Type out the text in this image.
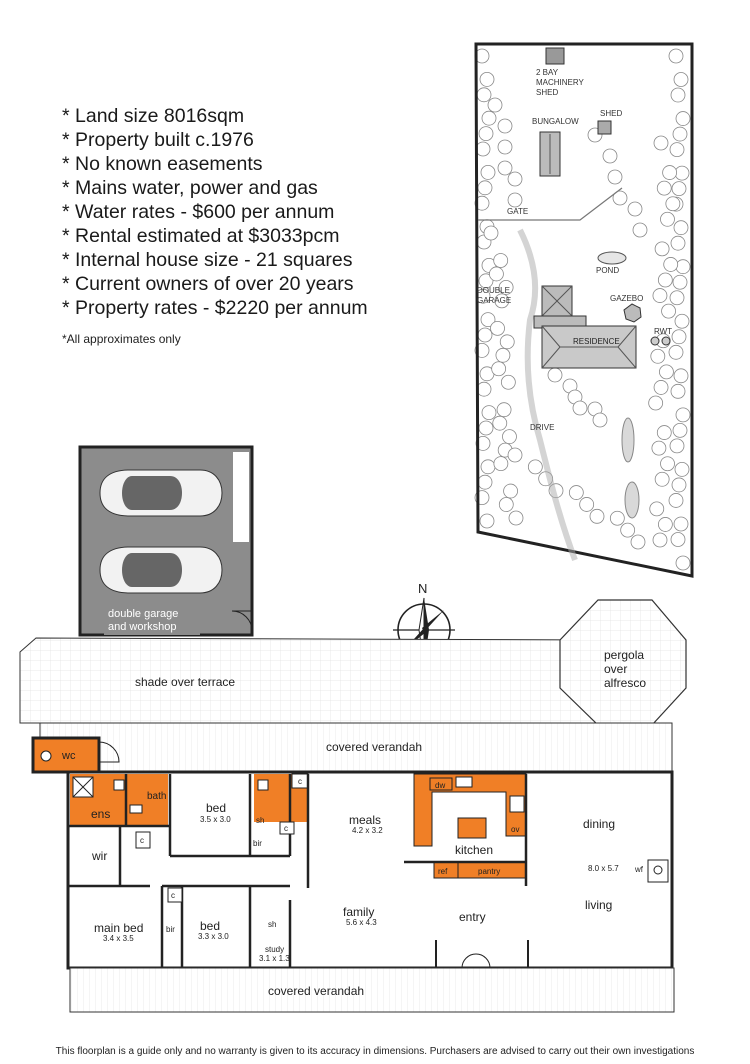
* Land size 8016sqm
* Property built c.1976
* No known easements
* Mains water, power and gas
* Water rates - $600 per annum
* Rental estimated at $3033pcm
* Internal house size - 21 squares
* Current owners of over 20 years
* Property rates - $2220 per annum
*All approximates only
2 BAY
MACHINERY
SHED
SHED
BUNGALOW
GATE
DRIVE
POND
DOUBLE
GARAGE	GAZEBO
RWT
RESIDENCE
N
double garage
and workshop
shade over terrace
pergola
over
alfresco
covered verandah
wc
ens
bath
c	dw
ov
kitchen
ref	pantry
c
c
c
wir
bed
3.5 x 3.0	sh
bir
meals
4.2 x 3.2	dining
8.0 x 5.7 wf
living
main bed
3.4 x 3.5
bir bed
3.3 x 3.0
sh
study
3.1 x 1.3
family
5.6 x 4.3	entry
covered verandah
This floorplan is a guide only and no warranty is given to its accuracy in dimensions. Purchasers are advised to carry out their own investigations
